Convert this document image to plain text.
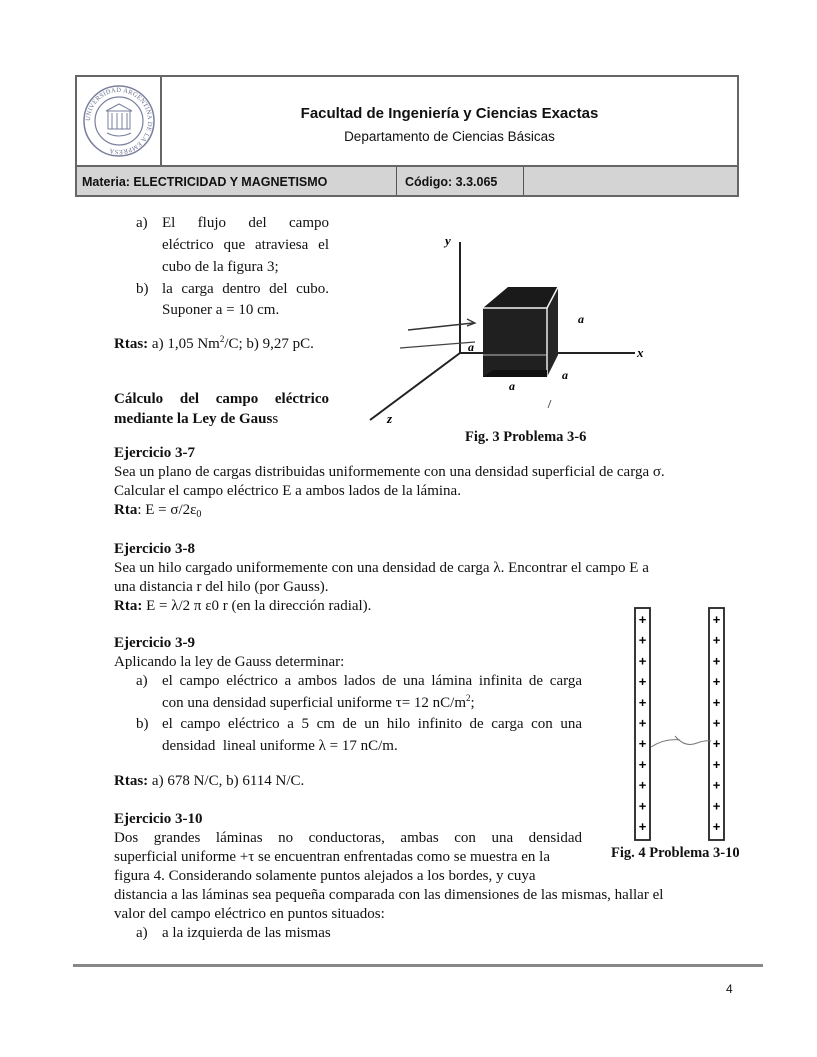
UNIVERSIDAD ARGENTINA DE LA EMPRESA
Facultad de Ingeniería y Ciencias Exactas
Departamento de Ciencias Básicas
Materia: ELECTRICIDAD Y MAGNETISMO	Código: 3.3.065
a) El flujo del campo
eléctrico que atraviesa el
cubo de la figura 3;
b) la carga dentro del cubo.
Suponer a = 10 cm.
Rtas: a) 1,05 Nm$^2$/C; b) 9,27 pC.
y
x
z
a
a
a
a
Fig. 3 Problema 3-6
Cálculo del campo eléctrico
mediante la Ley de Gauss
Ejercicio 3-7
Sea un plano de cargas distribuidas uniformemente con una densidad superficial de carga σ.
Calcular el campo eléctrico E a ambos lados de la lámina.
Rta: $E = \sigma/2\varepsilon_0$
Ejercicio 3-8
Sea un hilo cargado uniformemente con una densidad de carga λ. Encontrar el campo E a
una distancia r del hilo (por Gauss).
Rta: E = λ/2 π ε0 r (en la dirección radial).
Ejercicio 3-9
Aplicando la ley de Gauss determinar:
a) el campo eléctrico a ambos lados de una lámina infinita de carga
con una densidad superficial uniforme τ= 12 $nC/m^2$;
b) el campo eléctrico a 5 cm de un hilo infinito de carga con una
densidad  lineal uniforme λ = 17 nC/m.
Rtas: a) 678 N/C, b) 6114 N/C.
Ejercicio 3-10
Dos grandes láminas no conductoras, ambas con una densidad
superficial uniforme +τ se encuentran enfrentadas como se muestra en la
figura 4. Considerando solamente puntos alejados a los bordes, y cuya
distancia a las láminas sea pequeña comparada con las dimensiones de las mismas, hallar el
valor del campo eléctrico en puntos situados:
a) a la izquierda de las mismas
+
+
+
+
+
+
+
+
+
+
+
+
+
+
+
+
+
+
+
+
+
+
Fig. 4 Problema 3-10
4
